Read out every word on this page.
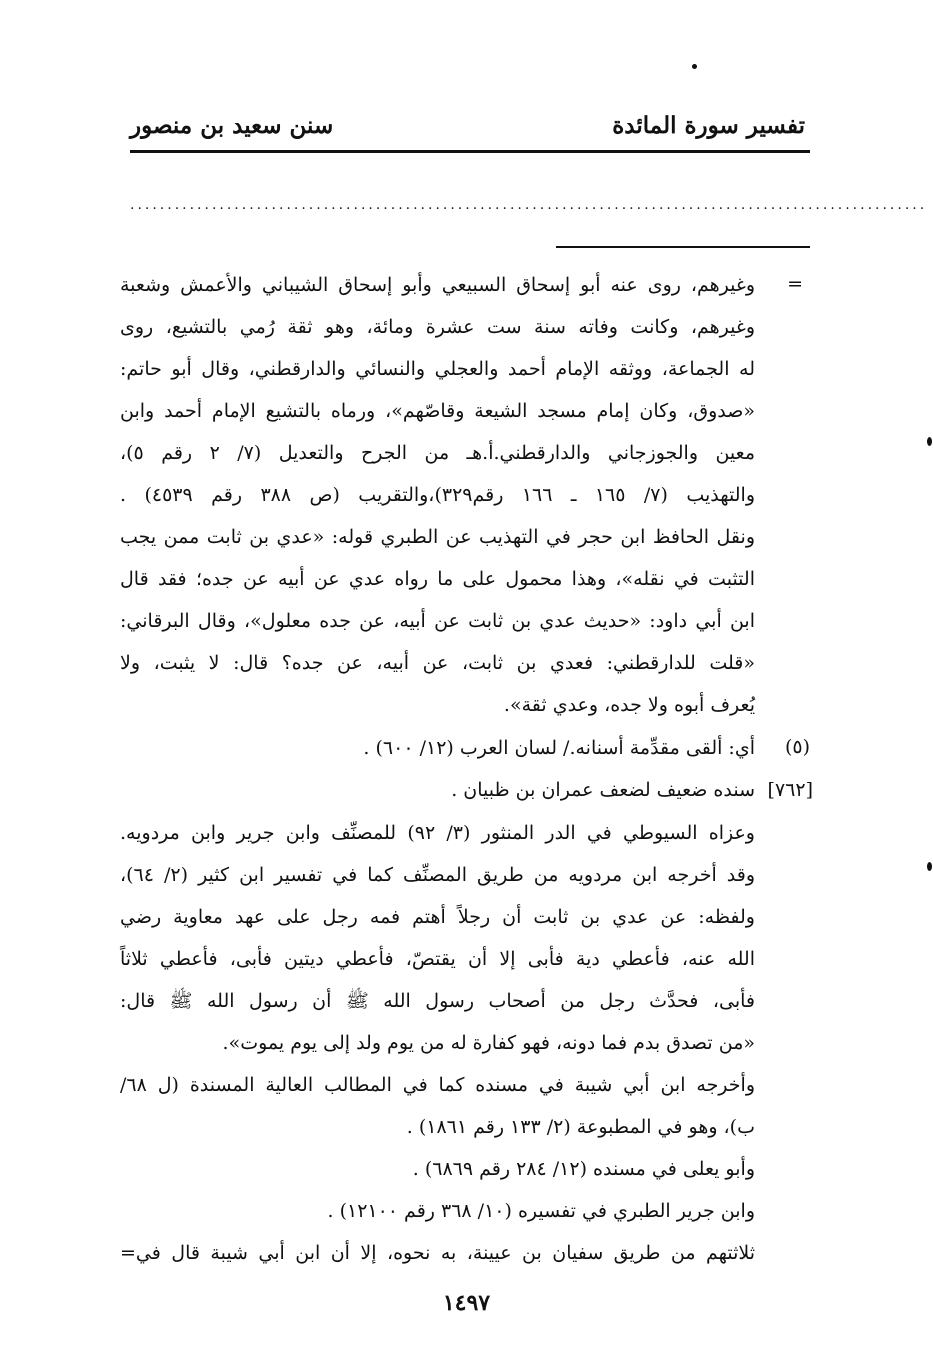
تفسير سورة المائدة
سنن سعيد بن منصور
...........................................................................................................
=
(٥)
[٧٦٢]
وغيرهم، روى عنه أبو إسحاق السبيعي وأبو إسحاق الشيباني والأعمش وشعبة
وغيرهم، وكانت وفاته سنة ست عشرة ومائة، وهو ثقة رُمي بالتشيع، روى
له الجماعة، ووثقه الإمام أحمد والعجلي والنسائي والدارقطني، وقال أبو حاتم:
«صدوق، وكان إمام مسجد الشيعة وقاصّهم»، ورماه بالتشيع الإمام أحمد وابن
معين والجوزجاني والدارقطني.أ.هـ من الجرح والتعديل (٧/ ٢ رقم ٥)،
والتهذيب (٧/ ١٦٥ ـ ١٦٦ رقم٣٢٩)،والتقريب (ص ٣٨٨ رقم ٤٥٣٩) .
ونقل الحافظ ابن حجر في التهذيب عن الطبري قوله: «عدي بن ثابت ممن يجب
التثبت في نقله»، وهذا محمول على ما رواه عدي عن أبيه عن جده؛ فقد قال
ابن أبي داود: «حديث عدي بن ثابت عن أبيه، عن جده معلول»، وقال البرقاني:
«قلت للدارقطني: فعدي بن ثابت، عن أبيه، عن جده؟ قال: لا يثبت، ولا
يُعرف أبوه ولا جده، وعدي ثقة».
أي: ألقى مقدِّمة أسنانه./ لسان العرب (١٢/ ٦٠٠) .
سنده ضعيف لضعف عمران بن ظبيان .
وعزاه السيوطي في الدر المنثور (٣/ ٩٢) للمصنِّف وابن جرير وابن مردويه.
وقد أخرجه ابن مردويه من طريق المصنِّف كما في تفسير ابن كثير (٢/ ٦٤)،
ولفظه: عن عدي بن ثابت أن رجلاً أهتم فمه رجل على عهد معاوية رضي
الله عنه، فأعطي دية فأبى إلا أن يقتصّ، فأعطي ديتين فأبى، فأعطي ثلاثاً
فأبى، فحدَّث رجل من أصحاب رسول الله ﷺ أن رسول الله ﷺ قال:
«من تصدق بدم فما دونه، فهو كفارة له من يوم ولد إلى يوم يموت».
وأخرجه ابن أبي شيبة في مسنده كما في المطالب العالية المسندة (ل ٦٨/
ب)، وهو في المطبوعة (٢/ ١٣٣ رقم ١٨٦١) .
وأبو يعلى في مسنده (١٢/ ٢٨٤ رقم ٦٨٦٩) .
وابن جرير الطبري في تفسيره (١٠/ ٣٦٨ رقم ١٢١٠٠) .
ثلاثتهم من طريق سفيان بن عيينة، به نحوه، إلا أن ابن أبي شيبة قال في=
١٤٩٧
